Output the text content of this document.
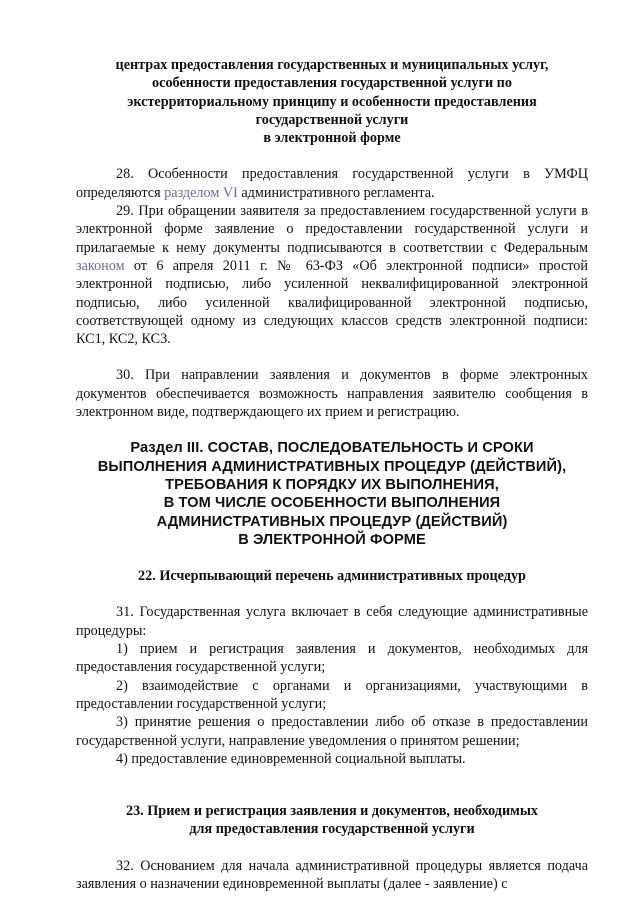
центрах предоставления государственных и муниципальных услуг,
особенности предоставления государственной услуги по
экстерриториальному принципу и особенности предоставления
государственной услуги
в электронной форме

28. Особенности предоставления государственной услуги в УМФЦ определяются разделом VI административного регламента.

29. При обращении заявителя за предоставлением государственной услуги в электронной форме заявление о предоставлении государственной услуги и прилагаемые к нему документы подписываются в соответствии с Федеральным законом от 6 апреля 2011 г. № 63-ФЗ «Об электронной подписи» простой электронной подписью, либо усиленной неквалифицированной электронной подписью, либо усиленной квалифицированной электронной подписью, соответствующей одному из следующих классов средств электронной подписи: КС1, КС2, КС3.

30. При направлении заявления и документов в форме электронных документов обеспечивается возможность направления заявителю сообщения в электронном виде, подтверждающего их прием и регистрацию.

Раздел III. СОСТАВ, ПОСЛЕДОВАТЕЛЬНОСТЬ И СРОКИ
ВЫПОЛНЕНИЯ АДМИНИСТРАТИВНЫХ ПРОЦЕДУР (ДЕЙСТВИЙ),
ТРЕБОВАНИЯ К ПОРЯДКУ ИХ ВЫПОЛНЕНИЯ,
В ТОМ ЧИСЛЕ ОСОБЕННОСТИ ВЫПОЛНЕНИЯ
АДМИНИСТРАТИВНЫХ ПРОЦЕДУР (ДЕЙСТВИЙ)
В ЭЛЕКТРОННОЙ ФОРМЕ
22. Исчерпывающий перечень административных процедур

31. Государственная услуга включает в себя следующие административные процедуры:

1) прием и регистрация заявления и документов, необходимых для предоставления государственной услуги;

2) взаимодействие с органами и организациями, участвующими в предоставлении государственной услуги;

3) принятие решения о предоставлении либо об отказе в предоставлении государственной услуги, направление уведомления о принятом решении;

4) предоставление единовременной социальной выплаты.

23. Прием и регистрация заявления и документов, необходимых
для предоставления государственной услуги

32. Основанием для начала административной процедуры является подача заявления о назначении единовременной выплаты (далее - заявление) с
